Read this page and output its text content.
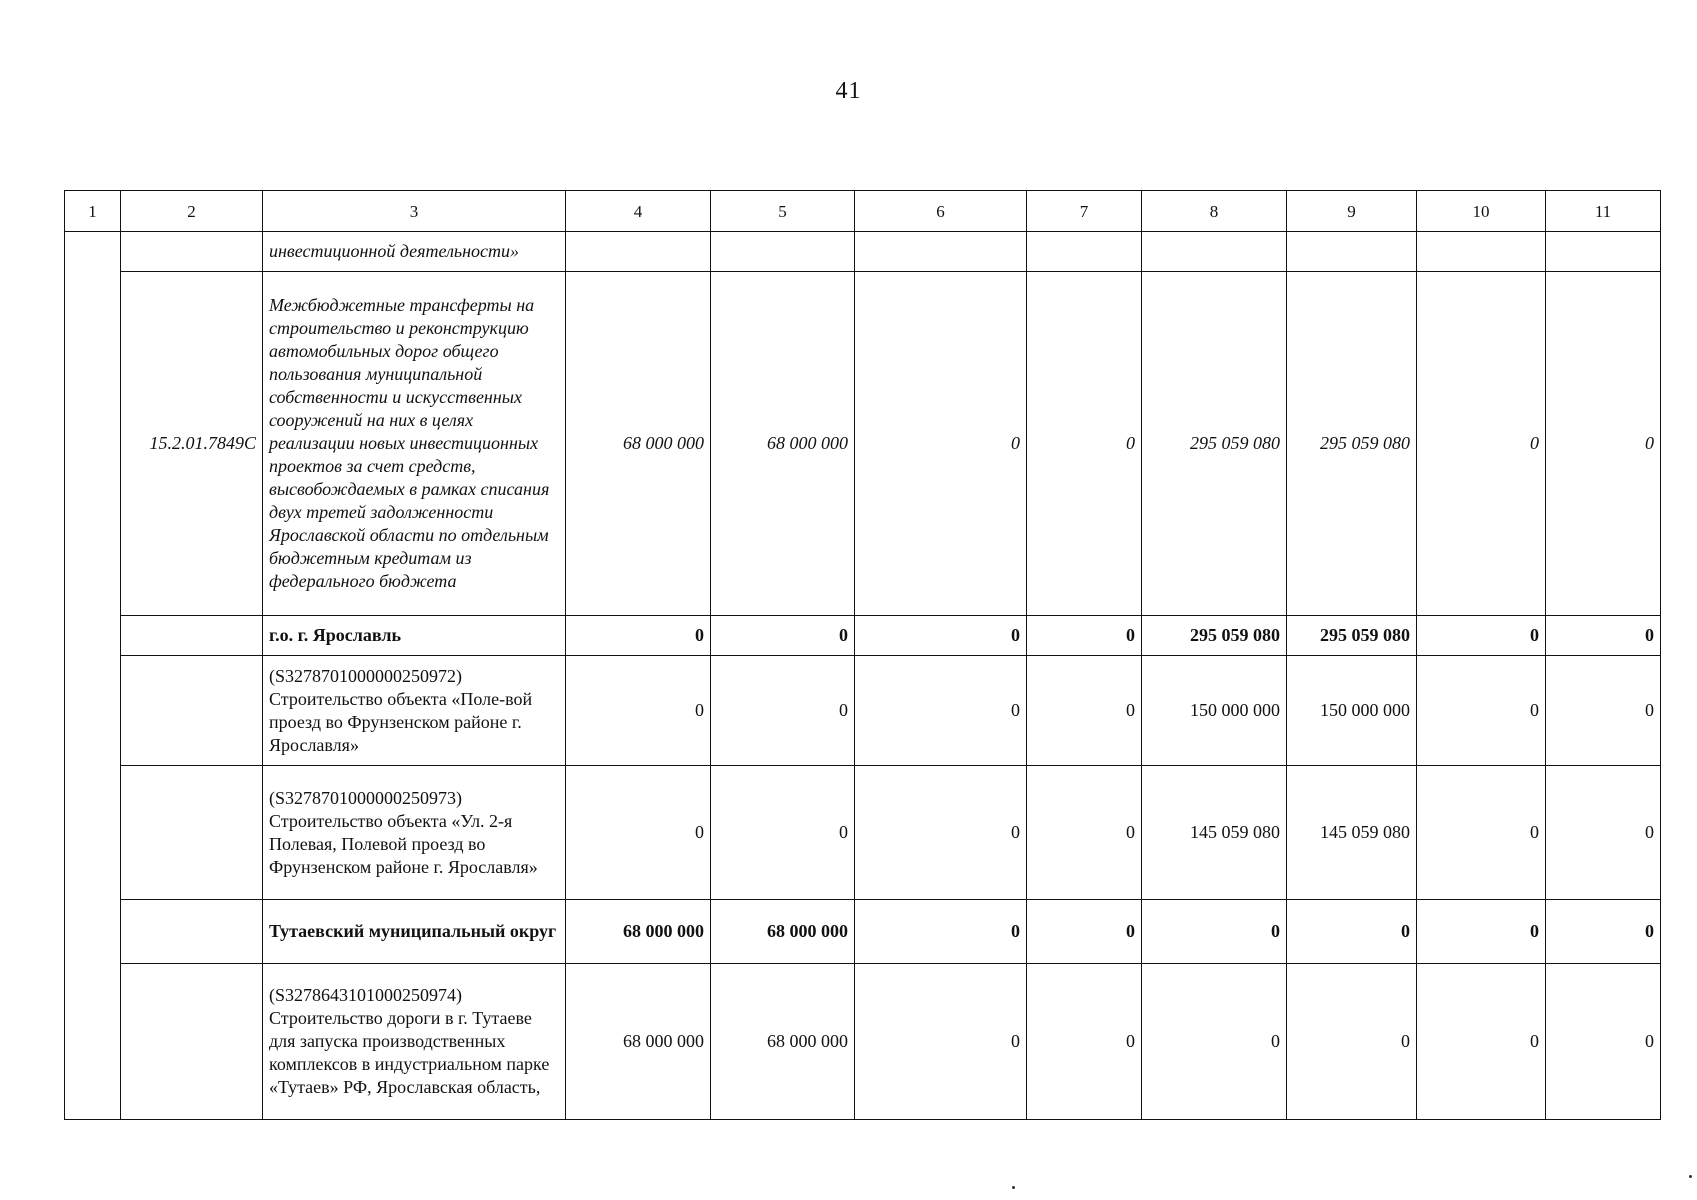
41
1	2	3	4	5	6	7	8	9	10	11
		инвестиционной деятельности»								
	15.2.01.7849С	Межбюджетные трансферты на строительство и реконструкцию автомобильных дорог общего пользования муниципальной собственности и искусственных сооружений на них в целях реализации новых инвестиционных проектов за счет средств, высвобождаемых в рамках списания двух третей задолженности Ярославской области по отдельным бюджетным кредитам из федерального бюджета	68 000 000	68 000 000	0	0	295 059 080	295 059 080	0	0
		г.о. г. Ярославль	0	0	0	0	295 059 080	295 059 080	0	0
		(S3278701000000250972) Строительство объекта «Поле-вой проезд во Фрунзенском районе г. Ярославля»	0	0	0	0	150 000 000	150 000 000	0	0
		(S3278701000000250973) Строительство объекта «Ул. 2-я Полевая, Полевой проезд во Фрунзенском районе г. Ярославля»	0	0	0	0	145 059 080	145 059 080	0	0
		Тутаевский муниципальный округ	68 000 000	68 000 000	0	0	0	0	0	0
		(S3278643101000250974) Строительство дороги в г. Тутаеве для запуска производственных комплексов в индустриальном парке «Тутаев» РФ, Ярославская область,	68 000 000	68 000 000	0	0	0	0	0	0
